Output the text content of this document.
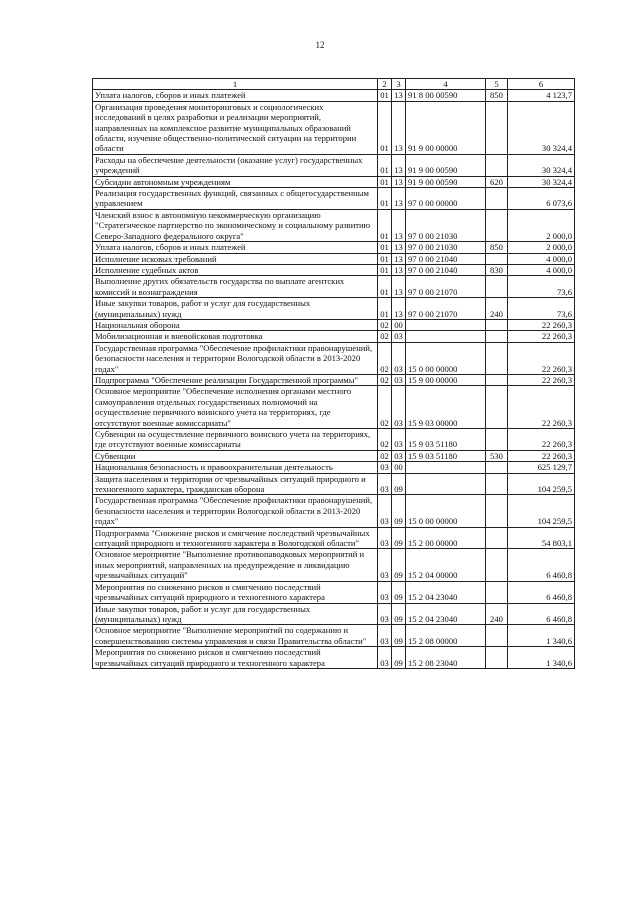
12
1	2	3	4	5	6
Уплата налогов, сборов и иных платежей	01	13	91 8 00 00590	850	4 123,7
Организация проведения мониторинговых и социологических исследований в целях разработки и реализации мероприятий, направленных на комплексное развитие муниципальных образований области, изучение общественно-политической ситуации на территории области	01	13	91 9 00 00000		30 324,4
Расходы на обеспечение деятельности (оказание услуг) государственных учреждений	01	13	91 9 00 00590		30 324,4
Субсидии автономным учреждениям	01	13	91 9 00 00590	620	30 324,4
Реализация государственных функций, связанных с общегосударственным управлением	01	13	97 0 00 00000		6 073,6
Членский взнос в автономную некоммерческую организацию "Стратегическое партнерство по экономическому и социальному развитию Северо-Западного федерального округа"	01	13	97 0 00 21030		2 000,0
Уплата налогов, сборов и иных платежей	01	13	97 0 00 21030	850	2 000,0
Исполнение исковых требований	01	13	97 0 00 21040		4 000,0
Исполнение судебных актов	01	13	97 0 00 21040	830	4 000,0
Выполнение других обязательств государства по выплате агентских комиссий и вознаграждения	01	13	97 0 00 21070		73,6
Иные закупки товаров, работ и услуг для государственных (муниципальных) нужд	01	13	97 0 00 21070	240	73,6
Национальная оборона	02	00			22 260,3
Мобилизационная и вневойсковая подготовка	02	03			22 260,3
Государственная программа "Обеспечение профилактики правонарушений, безопасности населения и территории Вологодской области в 2013-2020 годах"	02	03	15 0 00 00000		22 260,3
Подпрограмма "Обеспечение реализации Государственной программы"	02	03	15 9 00 00000		22 260,3
Основное мероприятие "Обеспечение исполнения органами местного самоуправления отдельных государственных полномочий на осуществление первичного воинского учета на территориях, где отсутствуют военные комиссариаты"	02	03	15 9 03 00000		22 260,3
Субвенции на осуществление первичного воинского учета на территориях, где отсутствуют военные комиссариаты	02	03	15 9 03 51180		22 260,3
Субвенции	02	03	15 9 03 51180	530	22 260,3
Национальная безопасность и правоохранительная деятельность	03	00			625 129,7
Защита населения и территории от чрезвычайных ситуаций природного и техногенного характера, гражданская оборона	03	09			104 259,5
Государственная программа "Обеспечение профилактики правонарушений, безопасности населения и территории Вологодской области в 2013-2020 годах"	03	09	15 0 00 00000		104 259,5
Подпрограмма "Снижение рисков и смягчение последствий чрезвычайных ситуаций природного и техногенного характера в Вологодской области"	03	09	15 2 00 00000		54 803,1
Основное мероприятие "Выполнение противопаводковых мероприятий и иных мероприятий, направленных на предупреждение и ликвидацию чрезвычайных ситуаций"	03	09	15 2 04 00000		6 460,8
Мероприятия по снижению рисков и смягчению последствий чрезвычайных ситуаций природного и техногенного характера	03	09	15 2 04 23040		6 460,8
Иные закупки товаров, работ и услуг для государственных (муниципальных) нужд	03	09	15 2 04 23040	240	6 460,8
Основное мероприятие "Выполнение мероприятий по содержанию и совершенствованию системы управления и связи Правительства области"	03	09	15 2 08 00000		1 340,6
Мероприятия по снижению рисков и смягчению последствий чрезвычайных ситуаций природного и техногенного характера	03	09	15 2 08 23040		1 340,6
